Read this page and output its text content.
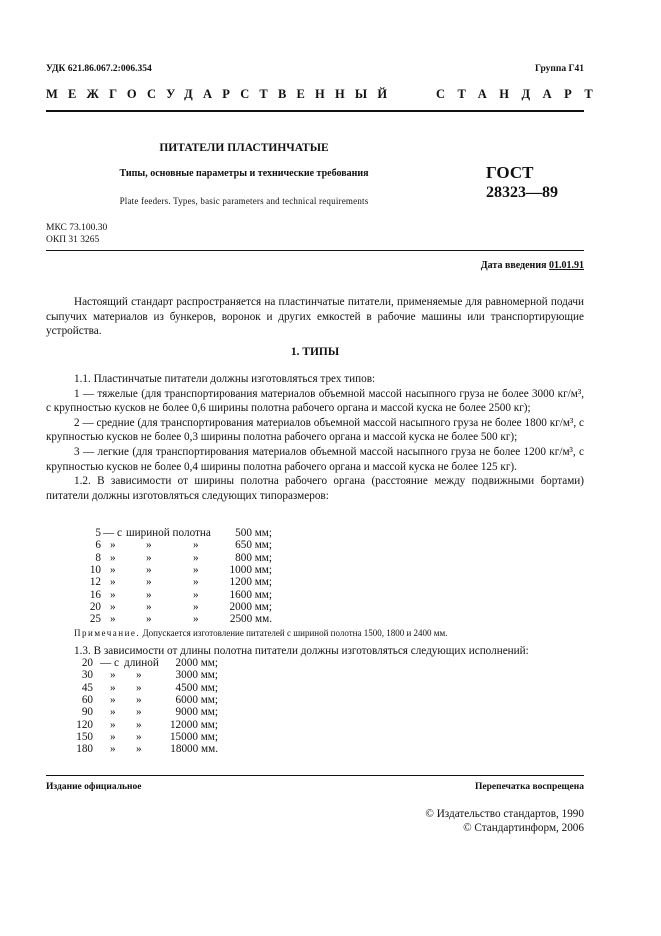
УДК 621.86.067.2:006.354	Группа Г41
МЕЖГОСУДАРСТВЕННЫЙ	СТАНДАРТ
ПИТАТЕЛИ ПЛАСТИНЧАТЫЕ
Типы, основные параметры и технические требования
Plate feeders. Types, basic parameters and technical requirements
ГОСТ
28323—89
МКС 73.100.30
ОКП 31 3265
Дата введения 01.01.91

Настоящий стандарт распространяется на пластинчатые питатели, применяемые для равномерной подачи сыпучих материалов из бункеров, воронок и других емкостей в рабочие машины или транспортирующие устройства.

1. ТИПЫ

1.1. Пластинчатые питатели должны изготовляться трех типов:

1 — тяжелые (для транспортирования материалов объемной массой насыпного груза не более 3000 кг/м³, с крупностью кусков не более 0,6 ширины полотна рабочего органа и массой куска не более 2500 кг);

2 — средние (для транспортирования материалов объемной массой насыпного груза не более 1800 кг/м³, с крупностью кусков не более 0,3 ширины полотна рабочего органа и массой куска не более 500 кг);

3 — легкие (для транспортирования материалов объемной массой насыпного груза не более 1200 кг/м³, с крупностью кусков не более 0,4 ширины полотна рабочего органа и массой куска не более 125 кг).

1.2. В зависимости от ширины полотна рабочего органа (расстояние между подвижными бортами) питатели должны изготовляться следующих типоразмеров:

5 — с шириной полотна	500 мм;
6 »	»	»	650 мм;
8 »	»	»	800 мм;
10 »	»	»	1000 мм;
12 »	»	»	1200 мм;
16 »	»	»	1600 мм;
20 »	»	»	2000 мм;
25 »	»	»	2500 мм.
Примечание. Допускается изготовление питателей с шириной полотна 1500, 1800 и 2400 мм.

1.3. В зависимости от длины полотна питатели должны изготовляться следующих исполнений:

20 — с длиной	2000 мм;
30 » »	3000 мм;
45 » »	4500 мм;
60 » »	6000 мм;
90 » »	9000 мм;
120 » »	12000 мм;
150 » »	15000 мм;
180 » »	18000 мм.
Издание официальное	Перепечатка воспрещена
© Издательство стандартов, 1990
© Стандартинформ, 2006
